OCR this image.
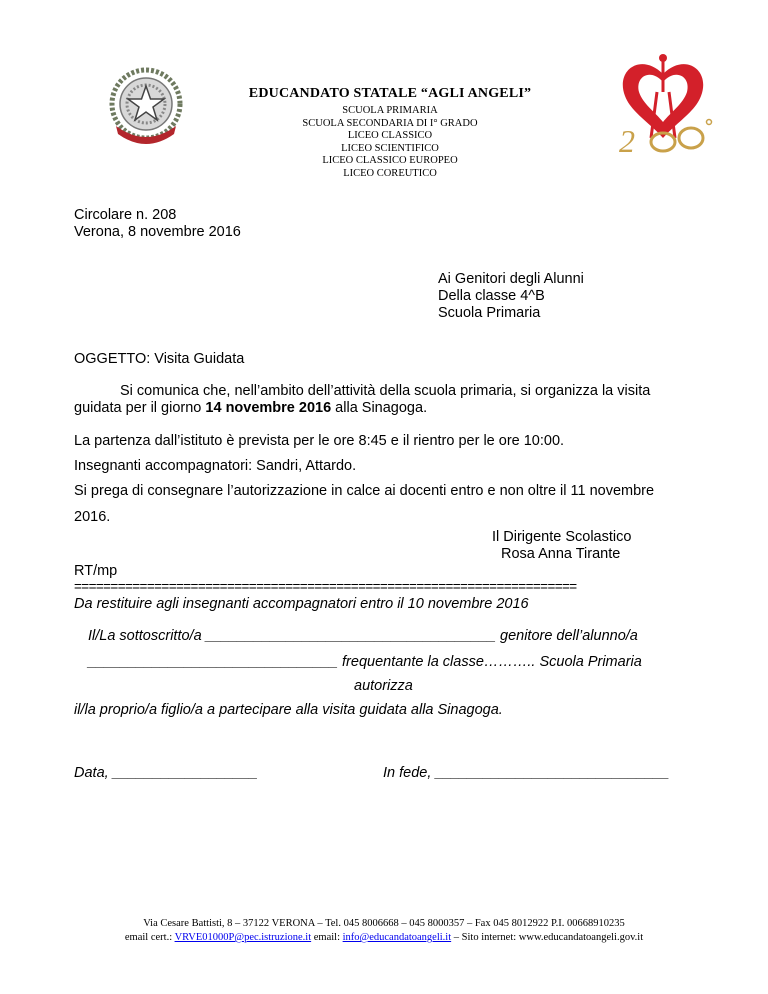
2
EDUCANDATO STATALE “AGLI ANGELI”
SCUOLA PRIMARIA
SCUOLA SECONDARIA DI I° GRADO
LICEO CLASSICO
LICEO SCIENTIFICO
LICEO CLASSICO EUROPEO
LICEO COREUTICO
Circolare n. 208
Verona, 8 novembre 2016
Ai Genitori degli Alunni
Della classe 4^B
Scuola Primaria
OGGETTO: Visita Guidata
Si comunica che, nell’ambito dell’attività della scuola primaria, si organizza la visita
guidata per il giorno 14 novembre 2016 alla Sinagoga.
La partenza dall’istituto è prevista per le ore 8:45 e il rientro per le ore 10:00.
Insegnanti accompagnatori: Sandri, Attardo.
Si prega di consegnare l’autorizzazione in calce ai docenti entro e non oltre il 11 novembre
2016.
Il Dirigente Scolastico
Rosa Anna Tirante
RT/mp
=====================================================================
Da restituire agli insegnanti accompagnatori entro il 10 novembre 2016
Il/La sottoscritto/a ____________________________________ genitore dell’alunno/a
_______________________________ frequentante la classe……….. Scuola Primaria
autorizza
il/la proprio/a figlio/a a partecipare alla visita guidata alla Sinagoga.
Data, __________________	In fede, _____________________________
Via Cesare Battisti, 8 – 37122 VERONA – Tel. 045 8006668 – 045 8000357 – Fax 045 8012922 P.I. 00668910235
email cert.: VRVE01000P@pec.istruzione.it email: info@educandatoangeli.it – Sito internet: www.educandatoangeli.gov.it
